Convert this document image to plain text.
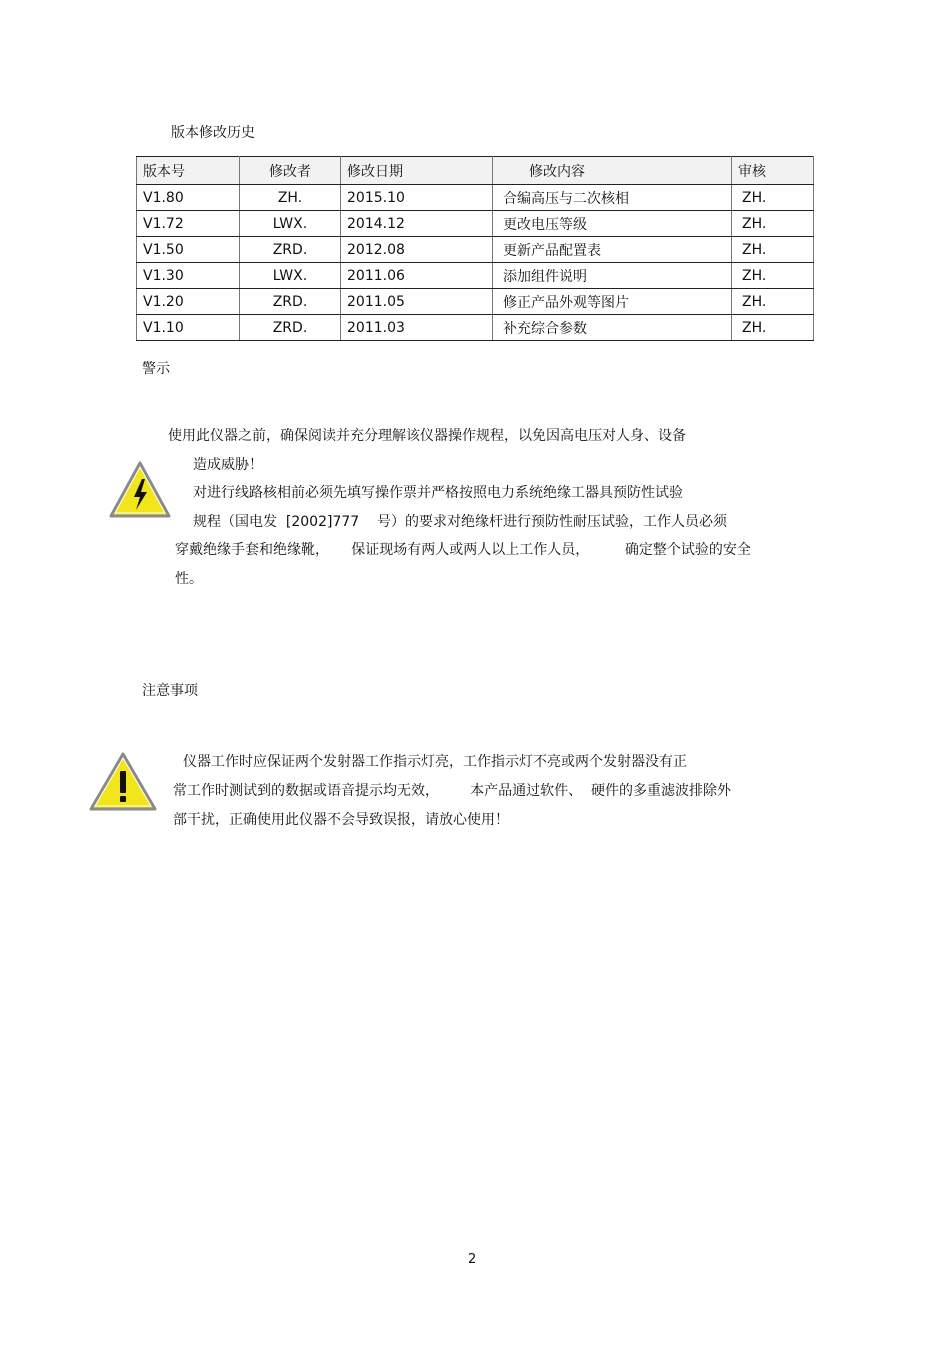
版本修改历史
版本号	修改者	修改日期	修改内容	审核
V1.80	ZH.	2015.10	合编高压与二次核相	ZH.
V1.72	LWX.	2014.12	更改电压等级	ZH.
V1.50	ZRD.	2012.08	更新产品配置表	ZH.
V1.30	LWX.	2011.06	添加组件说明	ZH.
V1.20	ZRD.	2011.05	修正产品外观等图片	ZH.
V1.10	ZRD.	2011.03	补充综合参数	ZH.
警示
使用此仪器之前，确保阅读并充分理解该仪器操作规程，以免因高电压对人身、设备
造成威胁！
对进行线路核相前必须先填写操作票并严格按照电力系统绝缘工器具预防性试验
规程（国电发  [2002]777    号）的要求对绝缘杆进行预防性耐压试验，工作人员必须
穿戴绝缘手套和绝缘靴，     保证现场有两人或两人以上工作人员，        确定整个试验的安全
性。
注意事项
仪器工作时应保证两个发射器工作指示灯亮，工作指示灯不亮或两个发射器没有正
常工作时测试到的数据或语音提示均无效，       本产品通过软件、  硬件的多重滤波排除外
部干扰，正确使用此仪器不会导致误报，请放心使用！
2
